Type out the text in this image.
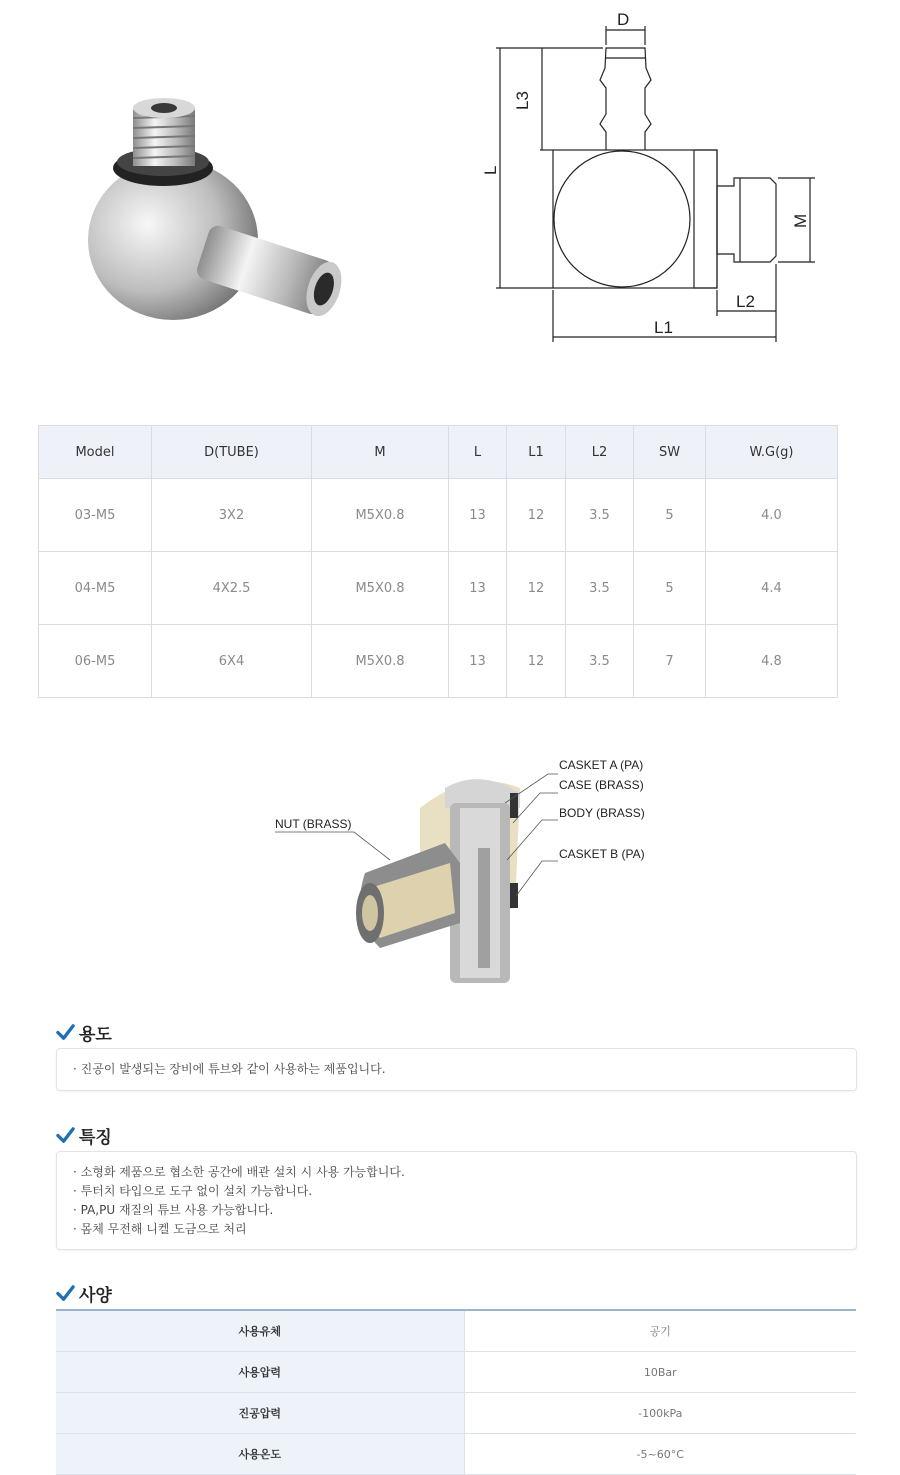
D
L3
L
M
L2
L1
Model	D(TUBE)	M	L	L1	L2	SW	W.G(g)
03-M5	3X2	M5X0.8	13	12	3.5	5	4.0
04-M5	4X2.5	M5X0.8	13	12	3.5	5	4.4
06-M5	6X4	M5X0.8	13	12	3.5	7	4.8
CASKET A (PA)
CASE (BRASS)
BODY (BRASS)
CASKET B (PA)
NUT (BRASS)
용도
· 진공이 발생되는 장비에 튜브와 같이 사용하는 제품입니다.
특징
· 소형화 제품으로 협소한 공간에 배관 설치 시 사용 가능합니다.
· 투터치 타입으로 도구 없이 설치 가능합니다.
· PA,PU 재질의 튜브 사용 가능합니다.
· 몸체 무전해 니켈 도금으로 처리
사양
사용유체	공기
사용압력	10Bar
진공압력	-100kPa
사용온도	-5~60°C
